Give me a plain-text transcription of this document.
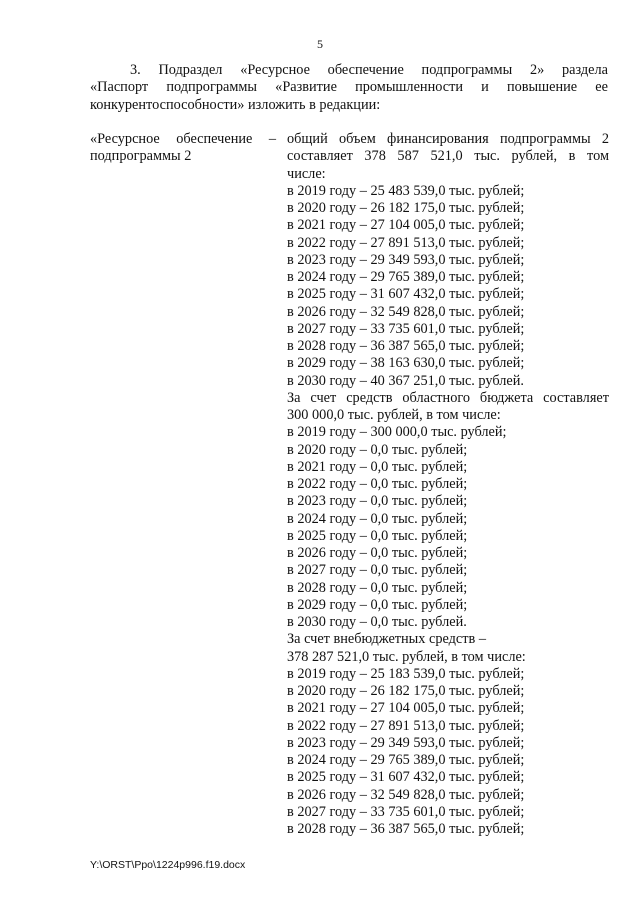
5
3. Подраздел «Ресурсное обеспечение подпрограммы 2» раздела
«Паспорт подпрограммы «Развитие промышленности и повышение ее
конкурентоспособности» изложить в редакции:
«Ресурсное обеспечение –
подпрограммы 2
общий объем финансирования подпрограммы 2
составляет 378 587 521,0 тыс. рублей, в том
числе:
в 2019 году – 25 483 539,0 тыс. рублей;
в 2020 году – 26 182 175,0 тыс. рублей;
в 2021 году – 27 104 005,0 тыс. рублей;
в 2022 году – 27 891 513,0 тыс. рублей;
в 2023 году – 29 349 593,0 тыс. рублей;
в 2024 году – 29 765 389,0 тыс. рублей;
в 2025 году – 31 607 432,0 тыс. рублей;
в 2026 году – 32 549 828,0 тыс. рублей;
в 2027 году – 33 735 601,0 тыс. рублей;
в 2028 году – 36 387 565,0 тыс. рублей;
в 2029 году – 38 163 630,0 тыс. рублей;
в 2030 году – 40 367 251,0 тыс. рублей.
За счет средств областного бюджета составляет
300 000,0 тыс. рублей, в том числе:
в 2019 году – 300 000,0 тыс. рублей;
в 2020 году – 0,0 тыс. рублей;
в 2021 году – 0,0 тыс. рублей;
в 2022 году – 0,0 тыс. рублей;
в 2023 году – 0,0 тыс. рублей;
в 2024 году – 0,0 тыс. рублей;
в 2025 году – 0,0 тыс. рублей;
в 2026 году – 0,0 тыс. рублей;
в 2027 году – 0,0 тыс. рублей;
в 2028 году – 0,0 тыс. рублей;
в 2029 году – 0,0 тыс. рублей;
в 2030 году – 0,0 тыс. рублей.
За счет внебюджетных средств –
378 287 521,0 тыс. рублей, в том числе:
в 2019 году – 25 183 539,0 тыс. рублей;
в 2020 году – 26 182 175,0 тыс. рублей;
в 2021 году – 27 104 005,0 тыс. рублей;
в 2022 году – 27 891 513,0 тыс. рублей;
в 2023 году – 29 349 593,0 тыс. рублей;
в 2024 году – 29 765 389,0 тыс. рублей;
в 2025 году – 31 607 432,0 тыс. рублей;
в 2026 году – 32 549 828,0 тыс. рублей;
в 2027 году – 33 735 601,0 тыс. рублей;
в 2028 году – 36 387 565,0 тыс. рублей;
Y:\ORST\Ppo\1224p996.f19.docx
